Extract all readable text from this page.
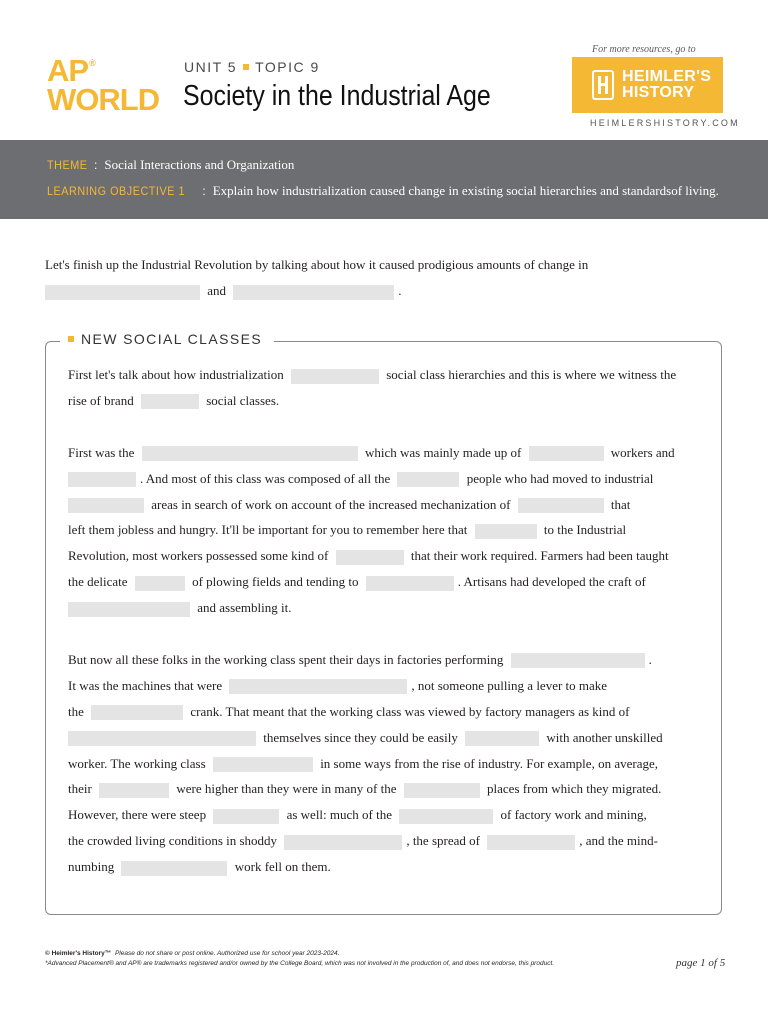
AP ®
WORLD
UNIT 5 TOPIC 9
Society in the Industrial Age
For more resources, go to
HEIMLER'S
HISTORY
HEIMLERSHISTORY.COM
THEME : Social Interactions and Organization
LEARNING OBJECTIVE 1 : Explain how industrialization caused change in existing social hierarchies and standardsof living.
Let's finish up the Industrial Revolution by talking about how it caused prodigious amounts of change in
and	.
NEW SOCIAL CLASSES
First let's talk about how industrialization	social class hierarchies and this is where we witness the
rise of brand	social classes.
First was the	which was mainly made up of	workers and
. And most of this class was composed of all the	people who had moved to industrial
areas in search of work on account of the increased mechanization of	that
left them jobless and hungry. It'll be important for you to remember here that	to the Industrial
Revolution, most workers possessed some kind of	that their work required. Farmers had been taught
the delicate	of plowing fields and tending to	. Artisans had developed the craft of
and assembling it.
But now all these folks in the working class spent their days in factories performing	.
It was the machines that were	, not someone pulling a lever to make
the	crank. That meant that the working class was viewed by factory managers as kind of
themselves since they could be easily	with another unskilled
worker. The working class	in some ways from the rise of industry. For example, on average,
their	were higher than they were in many of the	places from which they migrated.
However, there were steep	as well: much of the	of factory work and mining,
the crowded living conditions in shoddy	, the spread of	, and the mind-
numbing	work fell on them.
© Heimler's History™ Please do not share or post online. Authorized use for school year 2023-2024.
*Advanced Placement® and AP® are trademarks registered and/or owned by the College Board, which was not involved in the production of, and does not endorse, this product.	page 1 of 5
